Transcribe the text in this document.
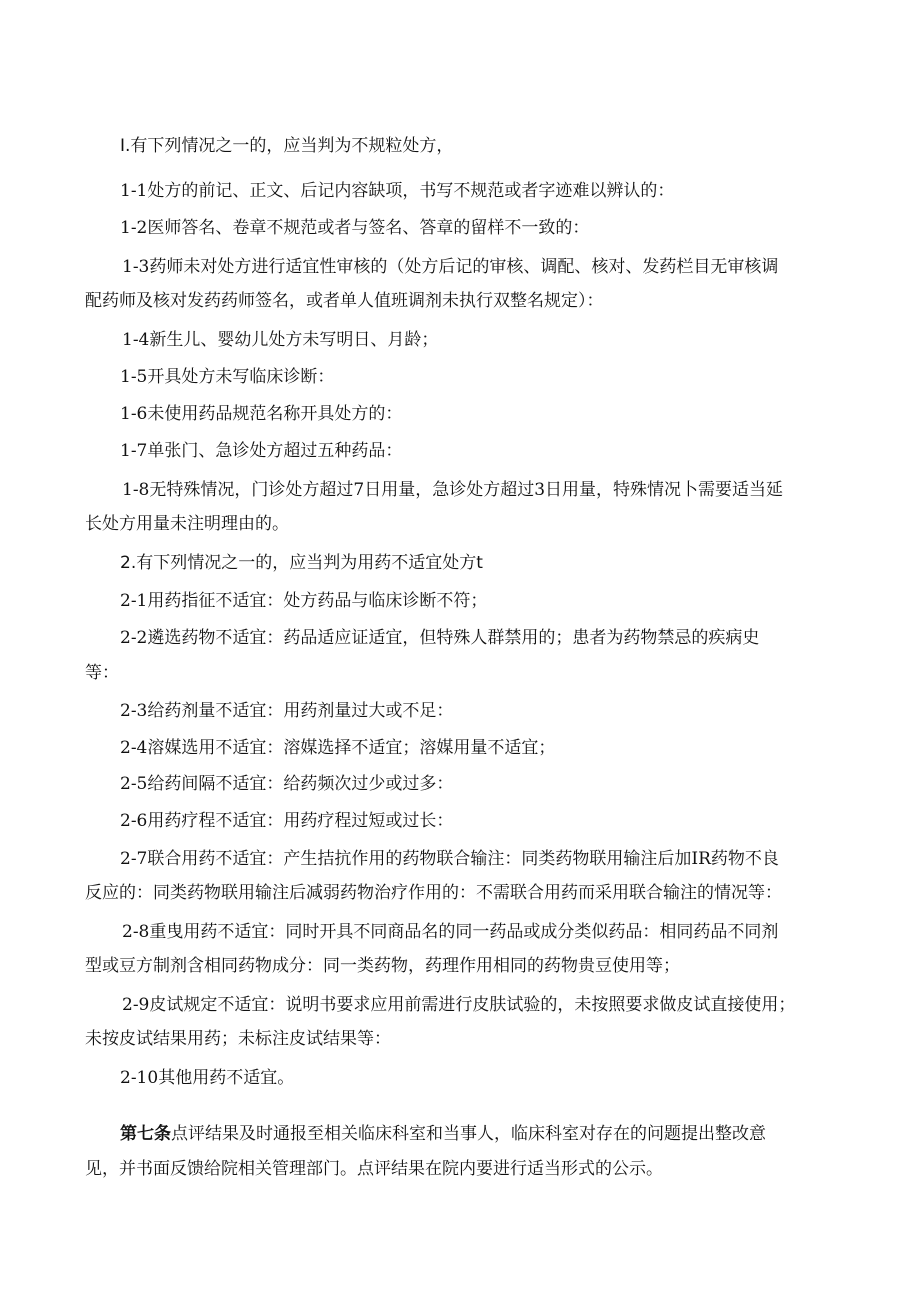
I.有下列情况之一的，应当判为不规粒处方，
1-1处方的前记、正文、后记内容缺项，书写不规范或者字迹难以辨认的：
1-2医师答名、卷章不规范或者与签名、答章的留样不一致的：
1-3药师未对处方进行适宜性审核的（处方后记的审核、调配、核对、发药栏目无审核调
配药师及核对发药药师签名，或者单人值班调剂未执行双整名规定）：
1-4新生儿、婴幼儿处方未写明日、月龄；
1-5开具处方未写临床诊断：
1-6未使用药品规范名称开具处方的：
1-7单张门、急诊处方超过五种药品：
1-8无特殊情况，门诊处方超过7日用量，急诊处方超过3日用量，特殊情况卜需要适当延
长处方用量未注明理由的。
2.有下列情况之一的，应当判为用药不适宜处方t
2-1用药指征不适宜：处方药品与临床诊断不符；
2-2遴选药物不适宜：药品适应证适宜，但特殊人群禁用的；患者为药物禁忌的疾病史
等：
2-3给药剂量不适宜：用药剂量过大或不足：
2-4溶媒选用不适宜：溶媒选择不适宜；溶媒用量不适宜；
2-5给药间隔不适宜：给药频次过少或过多：
2-6用药疗程不适宜：用药疗程过短或过长：
2-7联合用药不适宜：产生拮抗作用的药物联合输注：同类药物联用输注后加IR药物不良
反应的：同类药物联用输注后减弱药物治疗作用的：不需联合用药而采用联合输注的情况等：
2-8重曳用药不适宜：同时开具不同商品名的同一药品或成分类似药品：相同药品不同剂
型或豆方制剂含相同药物成分：同一类药物，药理作用相同的药物贵豆使用等；
2-9皮试规定不适宜：说明书要求应用前需进行皮肤试验的，未按照要求做皮试直接使用；
未按皮试结果用药；未标注皮试结果等：
2-10其他用药不适宜。
第七条点评结果及时通报至相关临床科室和当事人，临床科室对存在的问题提出整改意
见，并书面反馈给院相关管理部门。点评结果在院内要进行适当形式的公示。
